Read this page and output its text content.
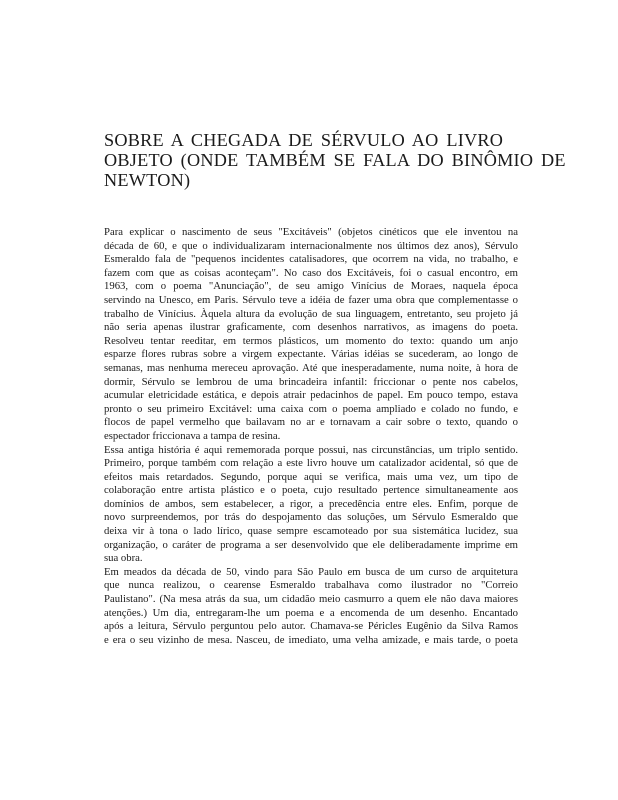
SOBRE A CHEGADA DE SÉRVULO AO LIVRO
OBJETO (ONDE TAMBÉM SE FALA DO BINÔMIO DE
NEWTON)
Para explicar o nascimento de seus "Excitáveis" (objetos cinéticos que ele inventou na
década de 60, e que o individualizaram internacionalmente nos últimos dez anos), Sérvulo
Esmeraldo fala de "pequenos incidentes catalisadores, que ocorrem na vida, no trabalho, e
fazem com que as coisas aconteçam". No caso dos Excitáveis, foi o casual encontro, em
1963, com o poema "Anunciação", de seu amigo Vinícius de Moraes, naquela época
servindo na Unesco, em Paris. Sérvulo teve a idéia de fazer uma obra que complementasse o
trabalho de Vinícius. Àquela altura da evolução de sua linguagem, entretanto, seu projeto já
não seria apenas ilustrar graficamente, com desenhos narrativos, as imagens do poeta.
Resolveu tentar reeditar, em termos plásticos, um momento do texto: quando um anjo
esparze flores rubras sobre a virgem expectante. Várias idéias se sucederam, ao longo de
semanas, mas nenhuma mereceu aprovação. Até que inesperadamente, numa noite, à hora de
dormir, Sérvulo se lembrou de uma brincadeira infantil: friccionar o pente nos cabelos,
acumular eletricidade estática, e depois atrair pedacinhos de papel. Em pouco tempo, estava
pronto o seu primeiro Excitável: uma caixa com o poema ampliado e colado no fundo, e
flocos de papel vermelho que bailavam no ar e tornavam a cair sobre o texto, quando o
espectador friccionava a tampa de resina.
Essa antiga história é aqui rememorada porque possui, nas circunstâncias, um triplo sentido.
Primeiro, porque também com relação a este livro houve um catalizador acidental, só que de
efeitos mais retardados. Segundo, porque aqui se verifica, mais uma vez, um tipo de
colaboração entre artista plástico e o poeta, cujo resultado pertence simultaneamente aos
domínios de ambos, sem estabelecer, a rigor, a precedência entre eles. Enfim, porque de
novo surpreendemos, por trás do despojamento das soluções, um Sérvulo Esmeraldo que
deixa vir à tona o lado lírico, quase sempre escamoteado por sua sistemática lucidez, sua
organização, o caráter de programa a ser desenvolvido que ele deliberadamente imprime em
sua obra.
Em meados da década de 50, vindo para São Paulo em busca de um curso de arquitetura
que nunca realizou, o cearense Esmeraldo trabalhava como ilustrador no "Correio
Paulistano". (Na mesa atrás da sua, um cidadão meio casmurro a quem ele não dava maiores
atenções.) Um dia, entregaram-lhe um poema e a encomenda de um desenho. Encantado
após a leitura, Sérvulo perguntou pelo autor. Chamava-se Péricles Eugênio da Silva Ramos
e era o seu vizinho de mesa. Nasceu, de imediato, uma velha amizade, e mais tarde, o poeta
